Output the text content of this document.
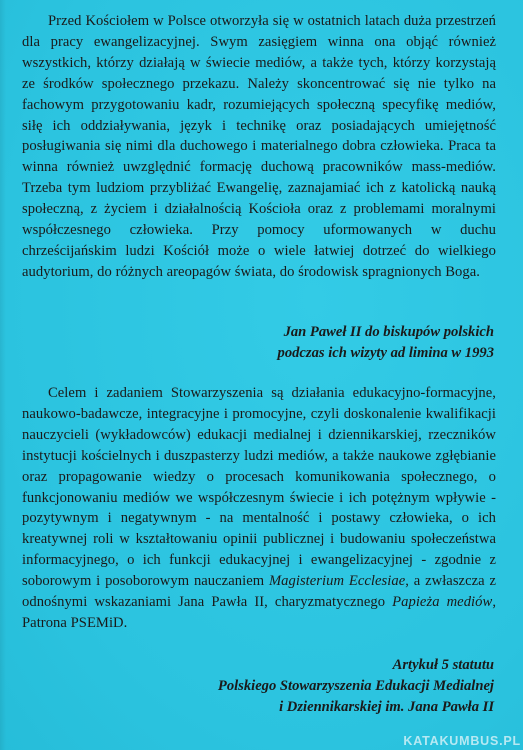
Przed Kościołem w Polsce otworzyła się w ostatnich latach duża przestrzeń dla pracy ewangelizacyjnej. Swym zasięgiem winna ona objąć również wszystkich, którzy działają w świecie mediów, a także tych, którzy korzystają ze środków społecznego przekazu. Należy skoncentrować się nie tylko na fachowym przygotowaniu kadr, rozumiejących społeczną specyfikę mediów, siłę ich oddziaływania, język i technikę oraz posiadających umiejętność posługiwania się nimi dla duchowego i materialnego dobra człowieka. Praca ta winna również uwzględnić formację duchową pracowników mass-mediów. Trzeba tym ludziom przybliżać Ewangelię, zaznajamiać ich z katolicką nauką społeczną, z życiem i działalnością Kościoła oraz z problemami moralnymi współczesnego człowieka. Przy pomocy uformowanych w duchu chrześcijańskim ludzi Kościół może o wiele łatwiej dotrzeć do wielkiego audytorium, do różnych areopagów świata, do środowisk spragnionych Boga.

Jan Paweł II do biskupów polskich
podczas ich wizyty ad limina w 1993

Celem i zadaniem Stowarzyszenia są działania edukacyjno-formacyjne, naukowo-badawcze, integracyjne i promocyjne, czyli doskonalenie kwalifikacji nauczycieli (wykładowców) edukacji medialnej i dziennikarskiej, rzeczników instytucji kościelnych i duszpasterzy ludzi mediów, a także naukowe zgłębianie oraz propagowanie wiedzy o procesach komunikowania społecznego, o funkcjonowaniu mediów we współczesnym świecie i ich potężnym wpływie - pozytywnym i negatywnym - na mentalność i postawy człowieka, o ich kreatywnej roli w kształtowaniu opinii publicznej i budowaniu społeczeństwa informacyjnego, o ich funkcji edukacyjnej i ewangelizacyjnej - zgodnie z soborowym i posoborowym nauczaniem Magisterium Ecclesiae, a zwłaszcza z odnośnymi wskazaniami Jana Pawła II, charyzmatycznego Papieża mediów, Patrona PSEMiD.

Artykuł 5 statutu
Polskiego Stowarzyszenia Edukacji Medialnej
i Dziennikarskiej im. Jana Pawła II
KATAKUMBUS.PL
